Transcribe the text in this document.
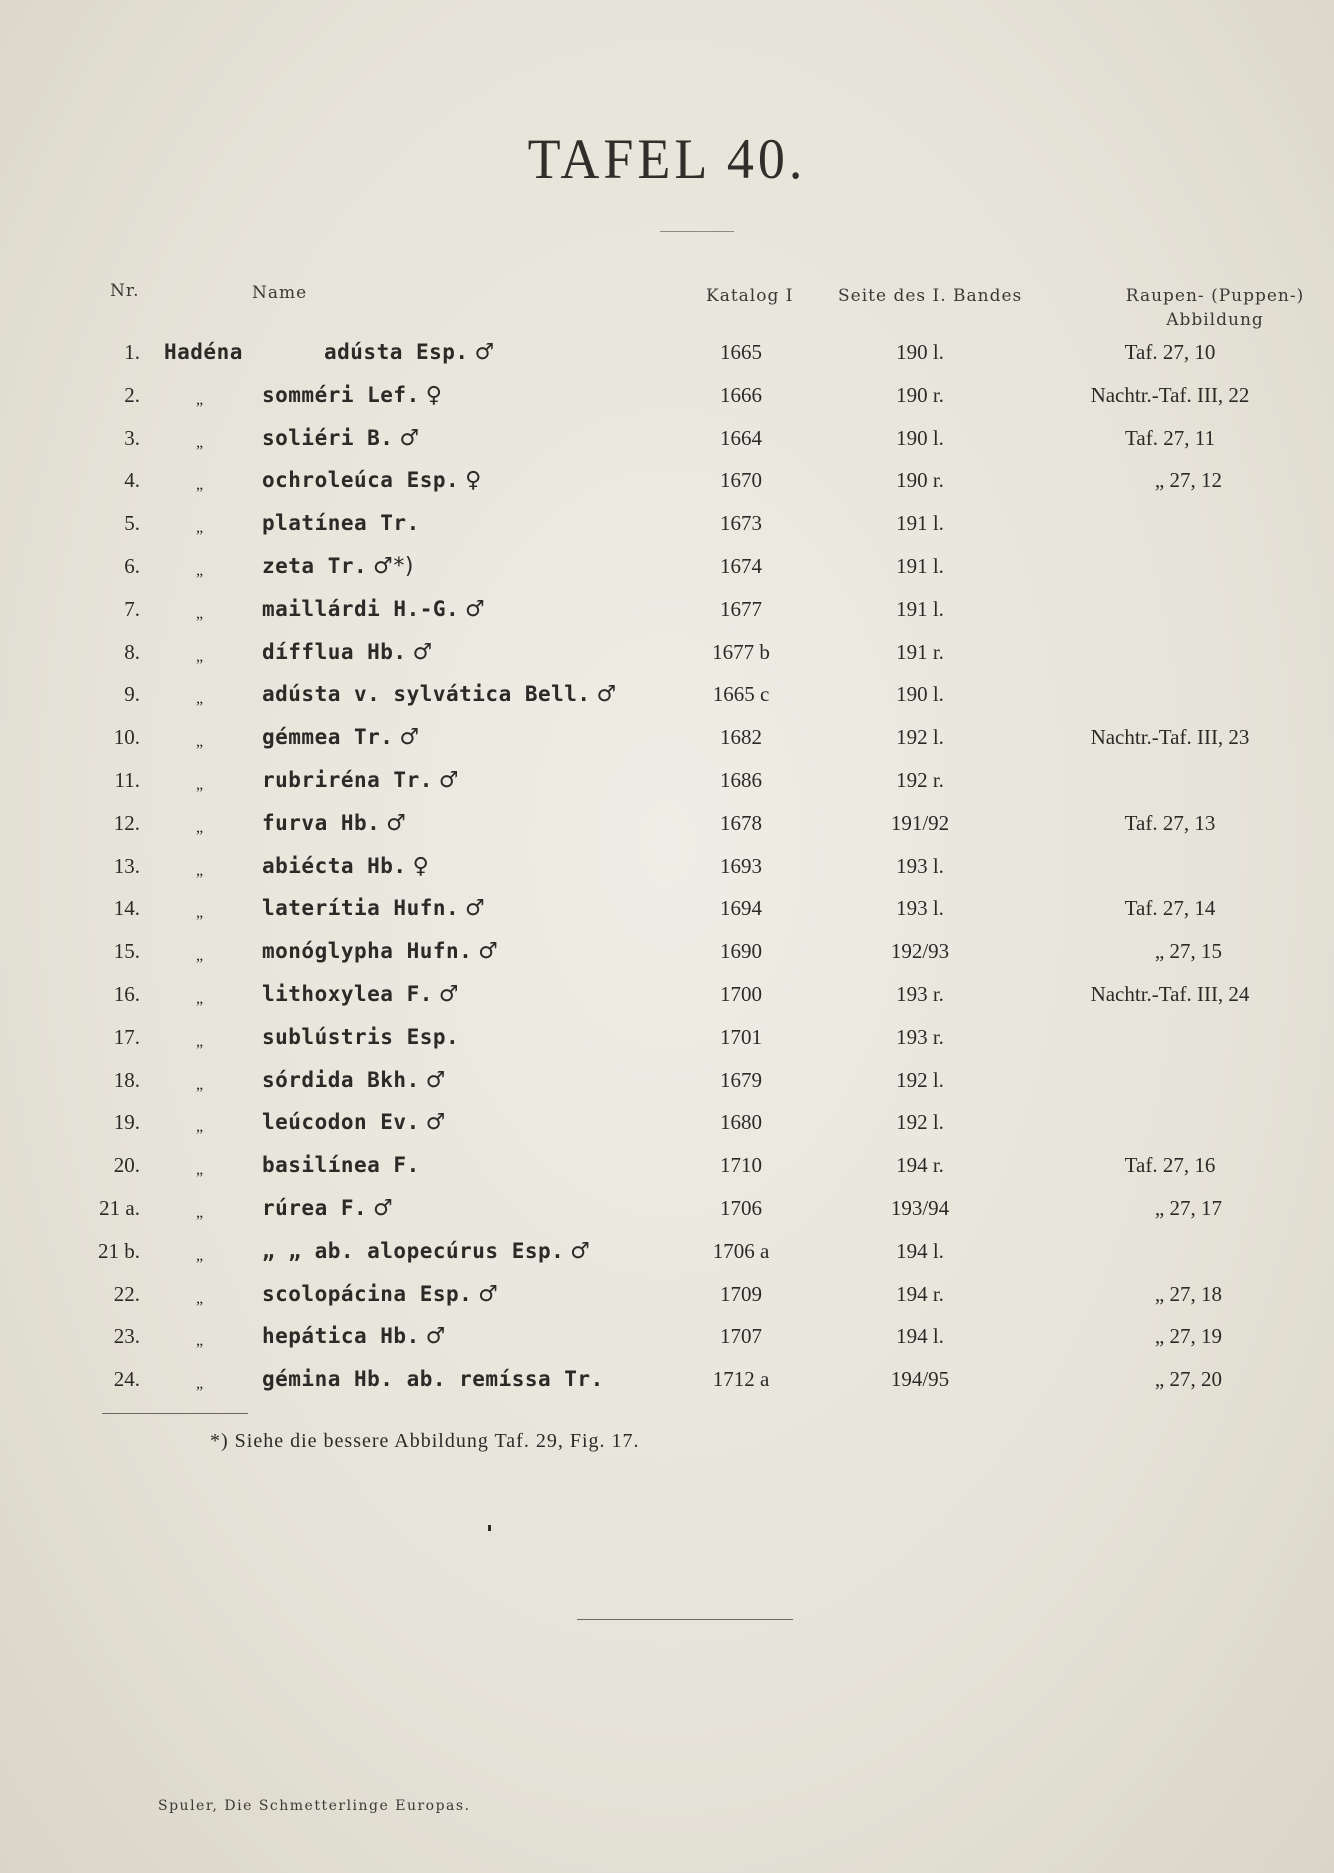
TAFEL 40.
Nr.	Name	Katalog I	Seite des I. Bandes	Raupen- (Puppen-)
Abbildung
1. Hadéna	adústa Esp. ♂	1665	190 l.	Taf. 27, 10
2.	„	somméri Lef. ♀	1666	190 r.	Nachtr.-Taf. III, 22
3.	„	soliéri B. ♂	1664	190 l.	Taf. 27, 11
4.	„	ochroleúca Esp. ♀	1670	190 r.	„ 27, 12
5.	„	platínea Tr.	1673	191 l.
6.	„	zeta Tr. ♂*)	1674	191 l.
7.	„	maillárdi H.-G. ♂	1677	191 l.
8.	„	dífflua Hb. ♂	1677 b	191 r.
9.	„	adústa v. sylvática Bell. ♂	1665 c	190 l.
10.	„	gémmea Tr. ♂	1682	192 l.	Nachtr.-Taf. III, 23
11.	„	rubriréna Tr. ♂	1686	192 r.
12.	„	furva Hb. ♂	1678	191/92	Taf. 27, 13
13.	„	abiécta Hb. ♀	1693	193 l.
14.	„	laterítia Hufn. ♂	1694	193 l.	Taf. 27, 14
15.	„	monóglypha Hufn. ♂	1690	192/93	„ 27, 15
16.	„	lithoxylea F. ♂	1700	193 r.	Nachtr.-Taf. III, 24
17.	„	sublústris Esp.	1701	193 r.
18.	„	sórdida Bkh. ♂	1679	192 l.
19.	„	leúcodon Ev. ♂	1680	192 l.
20.	„	basilínea F.	1710	194 r.	Taf. 27, 16
21 a.	„	rúrea F. ♂	1706	193/94	„ 27, 17
21 b.	„	„ „ ab. alopecúrus Esp. ♂	1706 a	194 l.
22.	„	scolopácina Esp. ♂	1709	194 r.	„ 27, 18
23.	„	hepática Hb. ♂	1707	194 l.	„ 27, 19
24.	„	gémina Hb. ab. remíssa Tr.	1712 a	194/95	„ 27, 20
*) Siehe die bessere Abbildung Taf. 29, Fig. 17.
Spuler, Die Schmetterlinge Europas.
